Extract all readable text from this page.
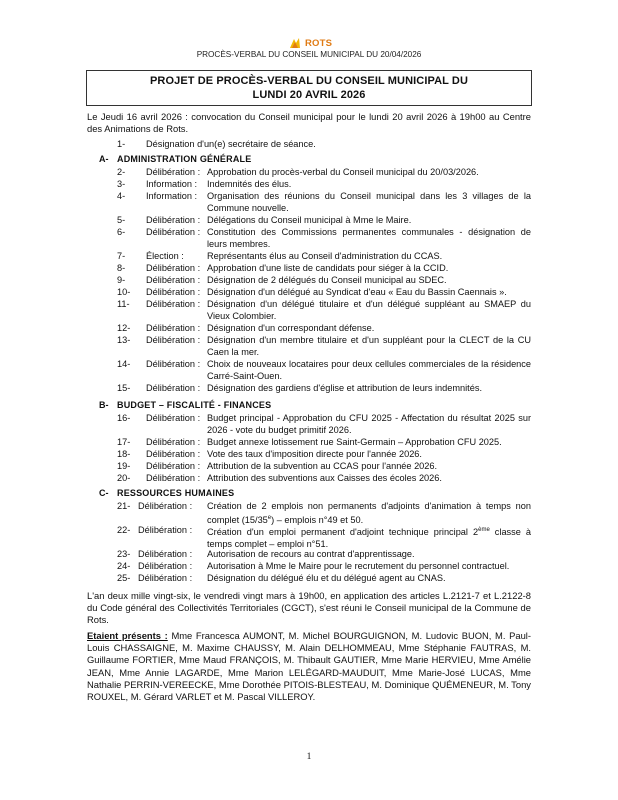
ROTS
PROCÈS-VERBAL DU CONSEIL MUNICIPAL DU 20/04/2026
PROJET DE PROCÈS-VERBAL DU CONSEIL MUNICIPAL DU
LUNDI 20 AVRIL 2026
Le Jeudi 16 avril 2026 : convocation du Conseil municipal pour le lundi 20 avril 2026 à 19h00 au Centre des Animations de Rots.
1- Désignation d'un(e) secrétaire de séance.
A- ADMINISTRATION GÉNÉRALE
2- Délibération : Approbation du procès-verbal du Conseil municipal du 20/03/2026.
3- Information : Indemnités des élus.
4- Information : Organisation des réunions du Conseil municipal dans les 3 villages de la Commune nouvelle.
5- Délibération : Délégations du Conseil municipal à Mme le Maire.
6- Délibération : Constitution des Commissions permanentes communales - désignation de leurs membres.
7- Élection :	Représentants élus au Conseil d'administration du CCAS.
8- Délibération : Approbation d'une liste de candidats pour siéger à la CCID.
9- Délibération : Désignation de 2 délégués du Conseil municipal au SDEC.
10- Délibération : Désignation d'un délégué au Syndicat d'eau « Eau du Bassin Caennais ».
11- Délibération : Désignation d'un délégué titulaire et d'un délégué suppléant au SMAEP du Vieux Colombier.
12- Délibération : Désignation d'un correspondant défense.
13- Délibération : Désignation d'un membre titulaire et d'un suppléant pour la CLECT de la CU Caen la mer.
14- Délibération : Choix de nouveaux locataires pour deux cellules commerciales de la résidence Carré-Saint-Ouen.
15- Délibération : Désignation des gardiens d'église et attribution de leurs indemnités.
B- BUDGET – FISCALITÉ - FINANCES
16- Délibération : Budget principal - Approbation du CFU 2025 - Affectation du résultat 2025 sur 2026 - vote du budget primitif 2026.
17- Délibération : Budget annexe lotissement rue Saint-Germain – Approbation CFU 2025.
18- Délibération : Vote des taux d'imposition directe pour l'année 2026.
19- Délibération : Attribution de la subvention au CCAS pour l'année 2026.
20- Délibération : Attribution des subventions aux Caisses des écoles 2026.
C- RESSOURCES HUMAINES
21- Délibération : Création de 2 emplois non permanents d'adjoints d'animation à temps non complet (15/35e) – emplois n°49 et 50.
22- Délibération : Création d'un emploi permanent d'adjoint technique principal 2ème classe à temps complet – emploi n°51.
23- Délibération : Autorisation de recours au contrat d'apprentissage.
24- Délibération : Autorisation à Mme le Maire pour le recrutement du personnel contractuel.
25- Délibération : Désignation du délégué élu et du délégué agent au CNAS.
L'an deux mille vingt-six, le vendredi vingt mars à 19h00, en application des articles L.2121-7 et L.2122-8 du Code général des Collectivités Territoriales (CGCT), s'est réuni le Conseil municipal de la Commune de Rots.
Etaient présents : Mme Francesca AUMONT, M. Michel BOURGUIGNON, M. Ludovic BUON, M. Paul-Louis CHASSAIGNE, M. Maxime CHAUSSY, M. Alain DELHOMMEAU, Mme Stéphanie FAUTRAS, M. Guillaume FORTIER, Mme Maud FRANÇOIS, M. Thibault GAUTIER, Mme Marie HERVIEU, Mme Amélie JEAN, Mme Annie LAGARDE, Mme Marion LELÉGARD-MAUDUIT, Mme Marie-José LUCAS, Mme Nathalie PERRIN-VEREECKE, Mme Dorothée PITOIS-BLESTEAU, M. Dominique QUÉMENEUR, M. Tony ROUXEL, M. Gérard VARLET et M. Pascal VILLEROY.
1
